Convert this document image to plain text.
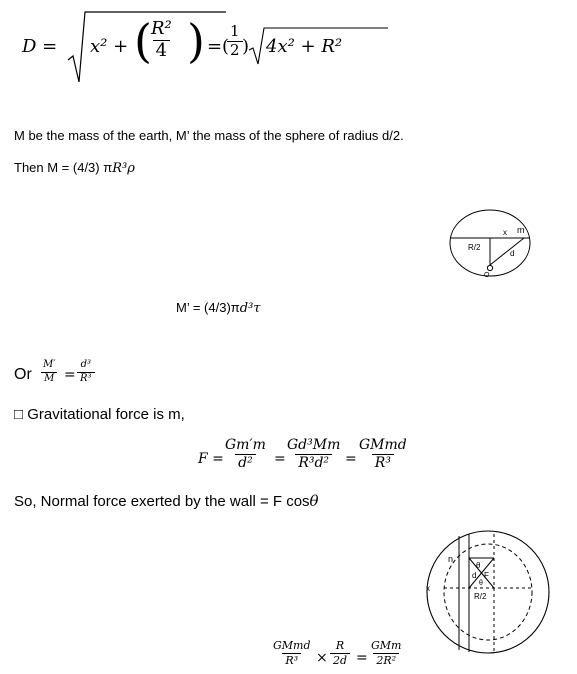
D = x² + (
$\frac{\text{R²}}{4}$ ) = (
$\frac{1}{2}$ ) 4x² + R²
M be the mass of the earth, M’ the mass of the sphere of radius d/2.
Then M = (4/3) πR³ρ
x m
R/2
d
O
M’ = (4/3)πd³τ
Or $\frac{M'}{M} = \frac{\text{d³}}{\text{R³}}$
□ Gravitational force is m,
F =
$\frac{Gm'm}{\text{d²}}$ =
$\frac{\text{Gd³Mm}}{\text{R³d²}}$ =
GMmd
R³
So, Normal force exerted by the wall = F cosθ
n
θ
d F
θ
x
R/2
GMmd
$R^3 \times \frac{R}{2d}$ =
GMm
2R²
